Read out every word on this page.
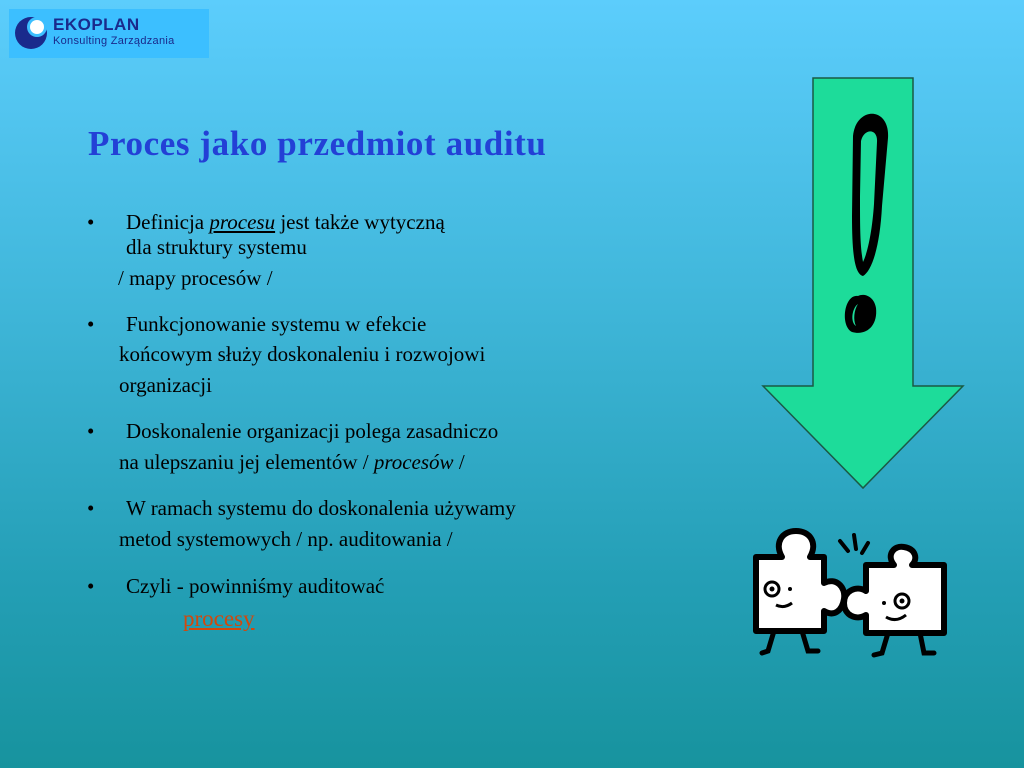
EKOPLAN
Konsulting Zarządzania
Proces jako przedmiot auditu
• Definicja procesu jest także wytyczną
dla struktury systemu
/ mapy procesów /
• Funkcjonowanie systemu w efekcie
końcowym służy doskonaleniu i rozwojowi
organizacji
• Doskonalenie organizacji polega zasadniczo
na ulepszaniu jej elementów / procesów /
• W ramach systemu do doskonalenia używamy
metod systemowych / np. auditowania /
• Czyli - powinniśmy auditować
procesy
